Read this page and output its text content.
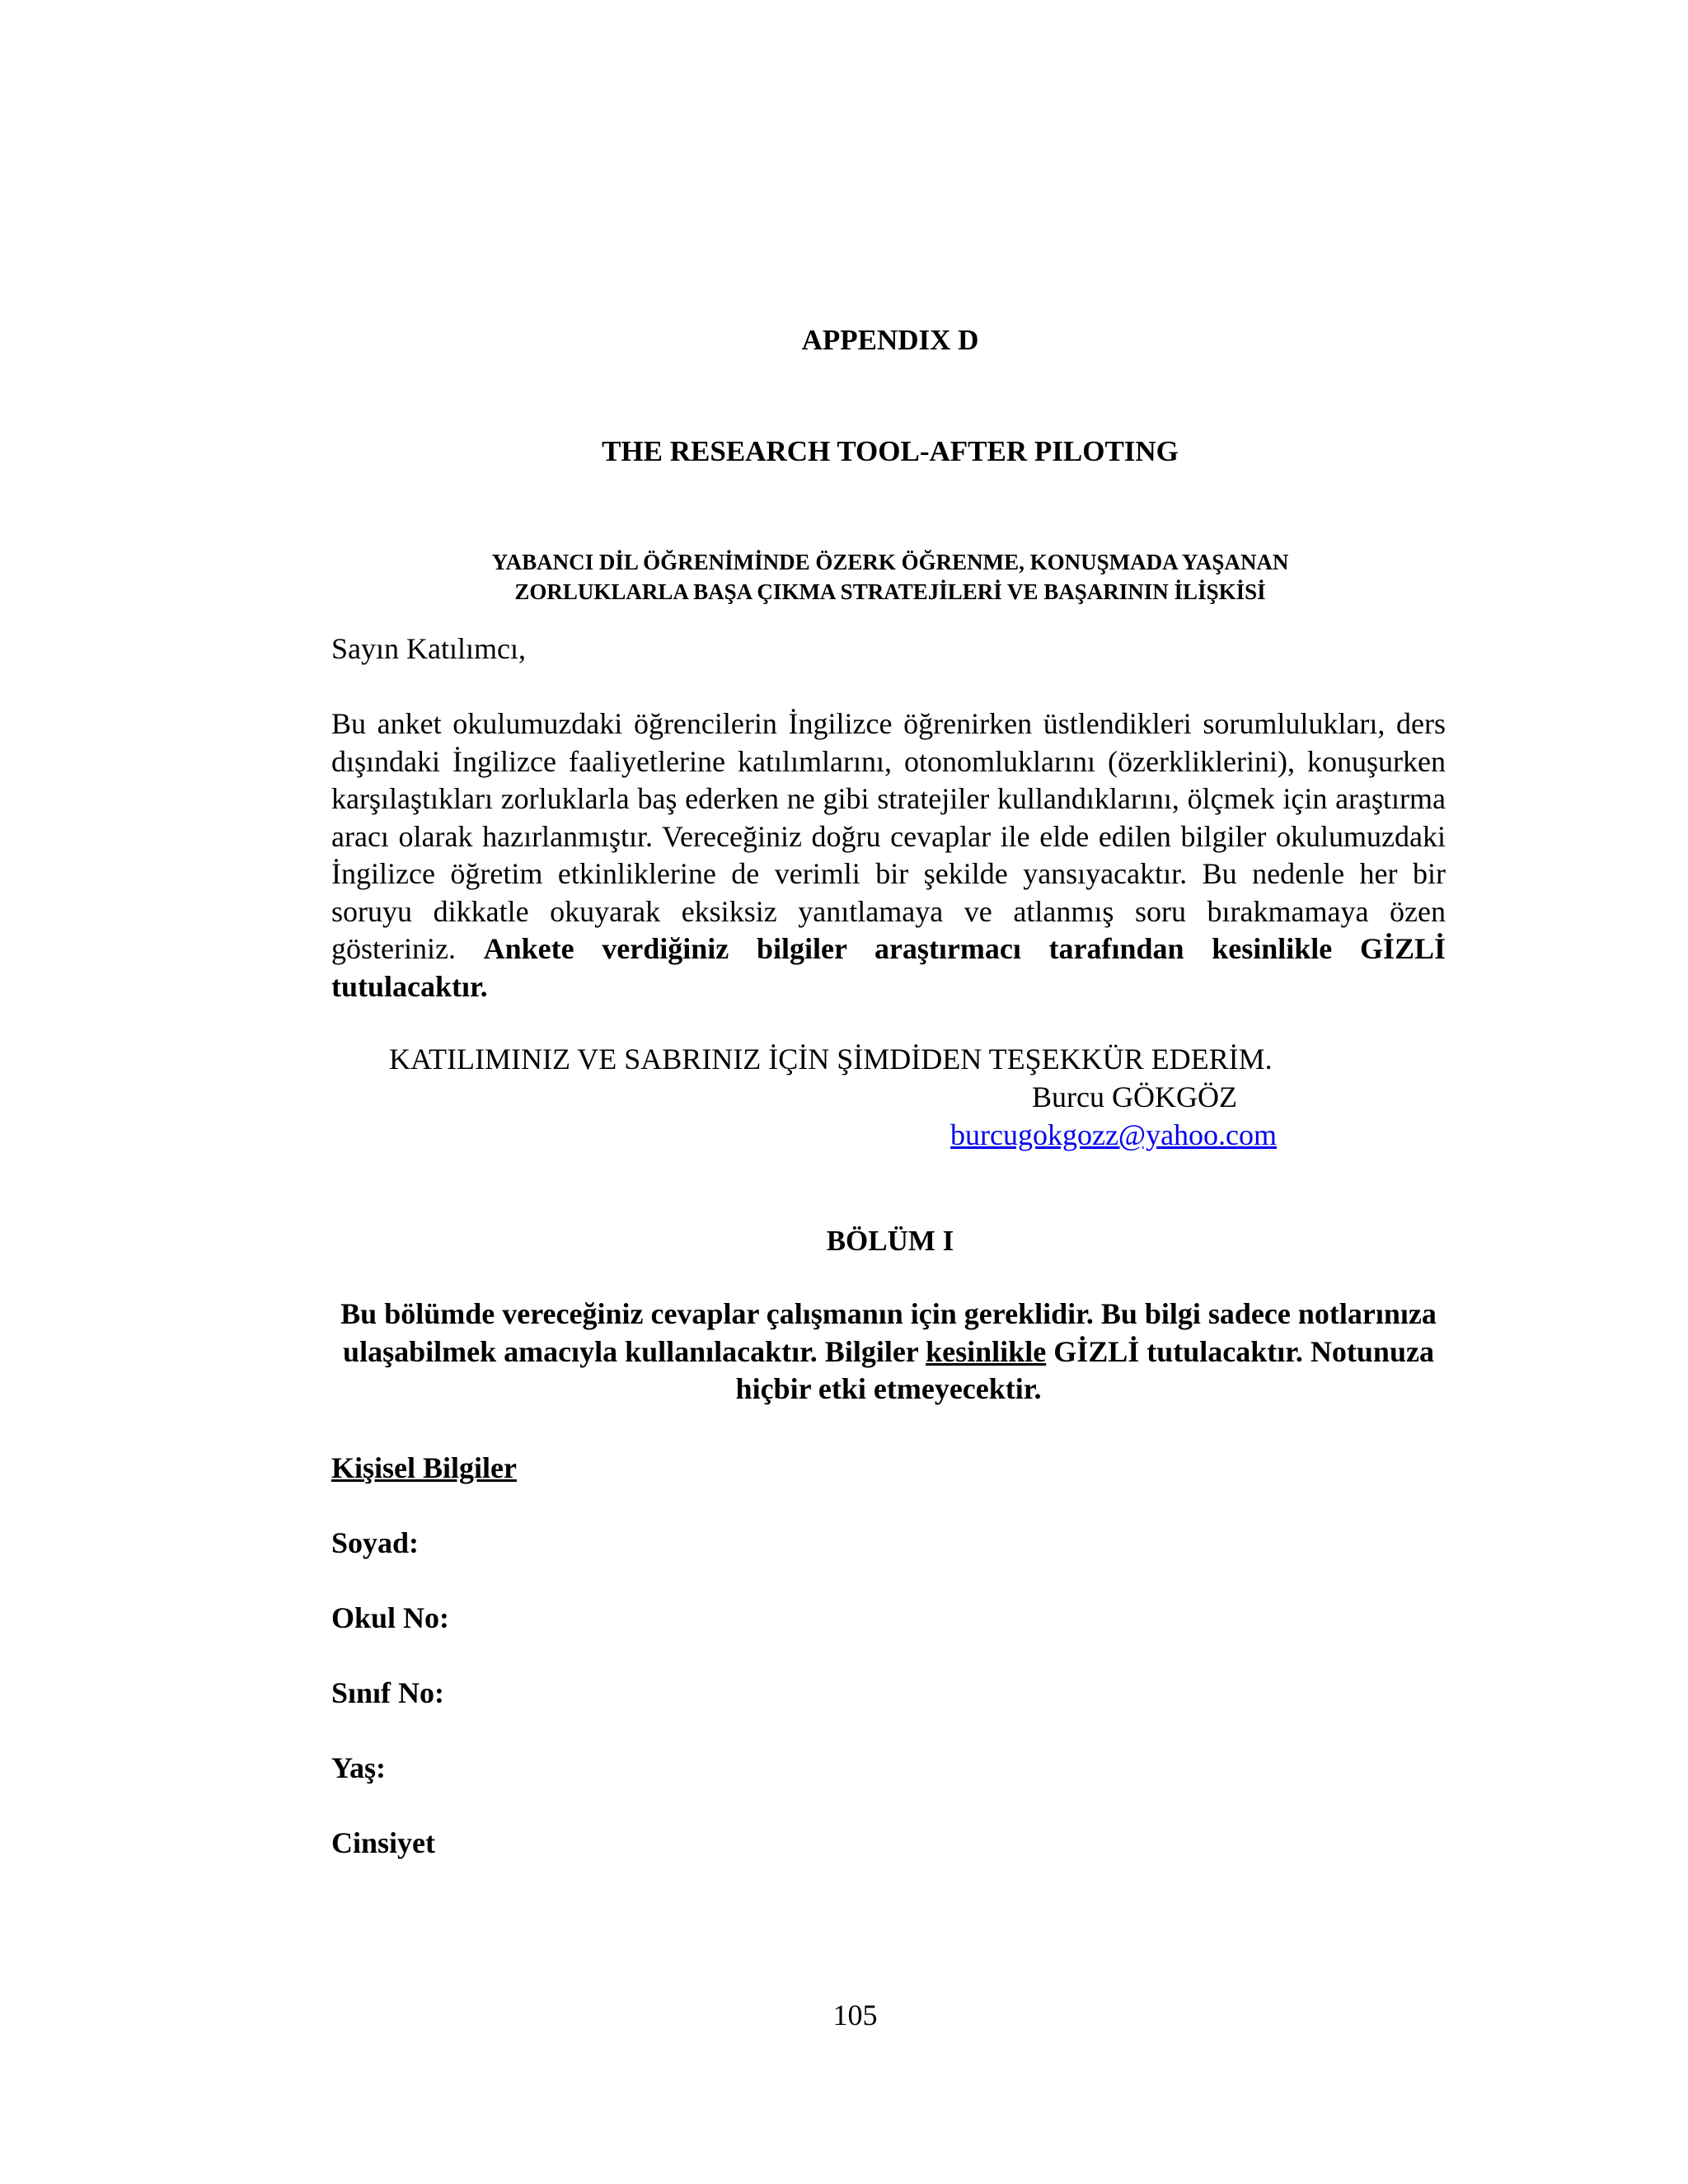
APPENDIX D
THE RESEARCH TOOL-AFTER PILOTING
YABANCI DİL ÖĞRENİMİNDE ÖZERK ÖĞRENME, KONUŞMADA YAŞANAN
ZORLUKLARLA BAŞA ÇIKMA STRATEJİLERİ VE BAŞARININ İLİŞKİSİ
Sayın Katılımcı,
Bu anket okulumuzdaki öğrencilerin İngilizce öğrenirken üstlendikleri sorumlulukları, ders dışındaki İngilizce faaliyetlerine katılımlarını, otonomluklarını (özerkliklerini), konuşurken karşılaştıkları zorluklarla baş ederken ne gibi stratejiler kullandıklarını, ölçmek için araştırma aracı olarak hazırlanmıştır. Vereceğiniz doğru cevaplar ile elde edilen bilgiler okulumuzdaki İngilizce öğretim etkinliklerine de verimli bir şekilde yansıyacaktır. Bu nedenle her bir soruyu dikkatle okuyarak eksiksiz yanıtlamaya ve atlanmış soru bırakmamaya özen gösteriniz. Ankete verdiğiniz bilgiler araştırmacı tarafından kesinlikle GİZLİ tutulacaktır.
KATILIMINIZ VE SABRINIZ İÇİN ŞİMDİDEN TEŞEKKÜR EDERİM.
Burcu GÖKGÖZ
burcugokgozz@yahoo.com
BÖLÜM I
Bu bölümde vereceğiniz cevaplar çalışmanın için gereklidir. Bu bilgi sadece notlarınıza ulaşabilmek amacıyla kullanılacaktır. Bilgiler kesinlikle GİZLİ tutulacaktır. Notunuza hiçbir etki etmeyecektir.
Kişisel Bilgiler
Soyad:
Okul No:
Sınıf No:
Yaş:
Cinsiyet
105
